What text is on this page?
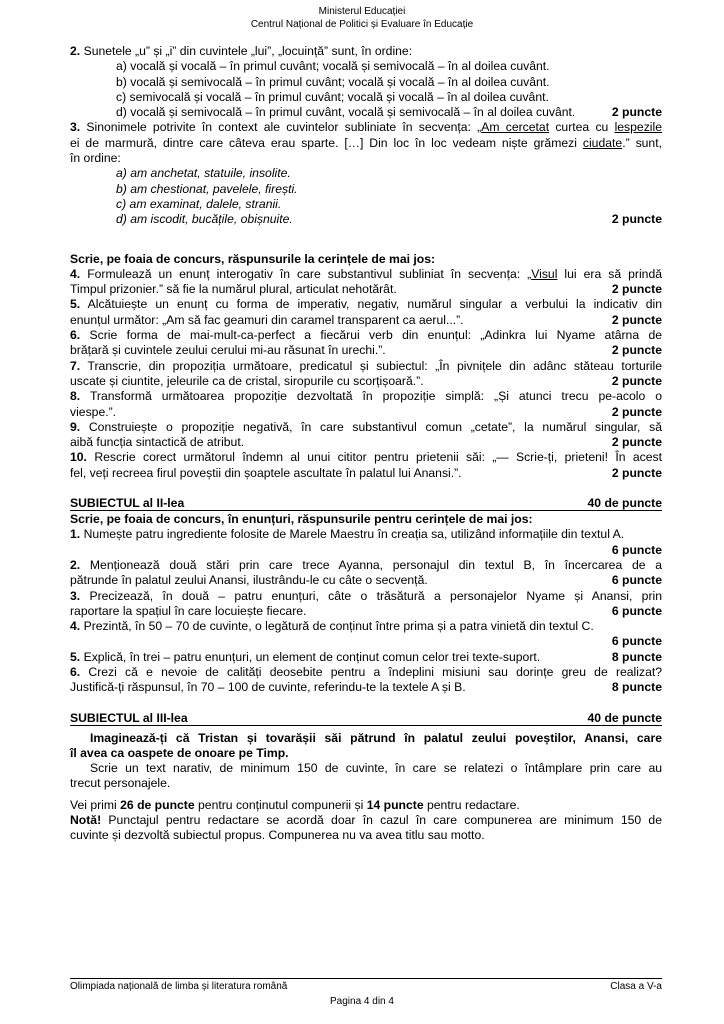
Ministerul Educației
Centrul Național de Politici și Evaluare în Educație
2. Sunetele „u” și „i” din cuvintele „lui”, „locuință” sunt, în ordine:
a) vocală și vocală – în primul cuvânt; vocală și semivocală – în al doilea cuvânt.
b) vocală și semivocală – în primul cuvânt; vocală și vocală – în al doilea cuvânt.
c) semivocală și vocală – în primul cuvânt; vocală și vocală – în al doilea cuvânt.
d) vocală și semivocală – în primul cuvânt, vocală și semivocală – în al doilea cuvânt.	2 puncte
3. Sinonimele potrivite în context ale cuvintelor subliniate în secvența: „Am cercetat curtea cu lespezile
ei de marmură, dintre care câteva erau sparte. […] Din loc în loc vedeam niște grămezi ciudate.” sunt,
în ordine:
a) am anchetat, statuile, insolite.
b) am chestionat, pavelele, firești.
c) am examinat, dalele, stranii.
d) am iscodit, bucățile, obișnuite.	2 puncte
Scrie, pe foaia de concurs, răspunsurile la cerințele de mai jos:
4. Formulează un enunț interogativ în care substantivul subliniat în secvența: „Visul lui era să prindă
Timpul prizonier.” să fie la numărul plural, articulat nehotărât.	2 puncte
5. Alcătuiește un enunț cu forma de imperativ, negativ, numărul singular a verbului la indicativ din
enunțul următor: „Am să fac geamuri din caramel transparent ca aerul...”.	2 puncte
6. Scrie forma de mai-mult-ca-perfect a fiecărui verb din enunțul: „Adinkra lui Nyame atârna de
brățară și cuvintele zeului cerului mi-au răsunat în urechi.”.	2 puncte
7. Transcrie, din propoziția următoare, predicatul și subiectul: „În pivnițele din adânc stăteau torturile
uscate și ciuntite, jeleurile ca de cristal, siropurile cu scorțișoară.”.	2 puncte
8. Transformă următoarea propoziție dezvoltată în propoziție simplă: „Și atunci trecu pe-acolo o
viespe.”.	2 puncte
9. Construiește o propoziție negativă, în care substantivul comun „cetate”, la numărul singular, să
aibă funcția sintactică de atribut.	2 puncte
10. Rescrie corect următorul îndemn al unui cititor pentru prietenii săi: „— Scrie-ți, prieteni! În acest
fel, veți recreea firul poveștii din șoaptele ascultate în palatul lui Anansi.”.	2 puncte
SUBIECTUL al II-lea	40 de puncte
Scrie, pe foaia de concurs, în enunțuri, răspunsurile pentru cerințele de mai jos:
1. Numește patru ingrediente folosite de Marele Maestru în creația sa, utilizând informațiile din textul A.
6 puncte
2. Menționează două stări prin care trece Ayanna, personajul din textul B, în încercarea de a
pătrunde în palatul zeului Anansi, ilustrându-le cu câte o secvență.	6 puncte
3. Precizează, în două – patru enunțuri, câte o trăsătură a personajelor Nyame și Anansi, prin
raportare la spațiul în care locuiește fiecare.	6 puncte
4. Prezintă, în 50 – 70 de cuvinte, o legătură de conținut între prima și a patra vinietă din textul C.
6 puncte
5. Explică, în trei – patru enunțuri, un element de conținut comun celor trei texte-suport.	8 puncte
6. Crezi că e nevoie de calități deosebite pentru a îndeplini misiuni sau dorințe greu de realizat?
Justifică-ți răspunsul, în 70 – 100 de cuvinte, referindu-te la textele A și B.	8 puncte
SUBIECTUL al III-lea	40 de puncte
Imaginează-ți că Tristan și tovarășii săi pătrund în palatul zeului poveștilor, Anansi, care
îl avea ca oaspete de onoare pe Timp.
Scrie un text narativ, de minimum 150 de cuvinte, în care se relatezi o întâmplare prin care au
trecut personajele.
Vei primi 26 de puncte pentru conținutul compunerii și 14 puncte pentru redactare.
Notă! Punctajul pentru redactare se acordă doar în cazul în care compunerea are minimum 150 de
cuvinte și dezvoltă subiectul propus. Compunerea nu va avea titlu sau motto.
Olimpiada națională de limba și literatura română	Clasa a V-a
Pagina 4 din 4
